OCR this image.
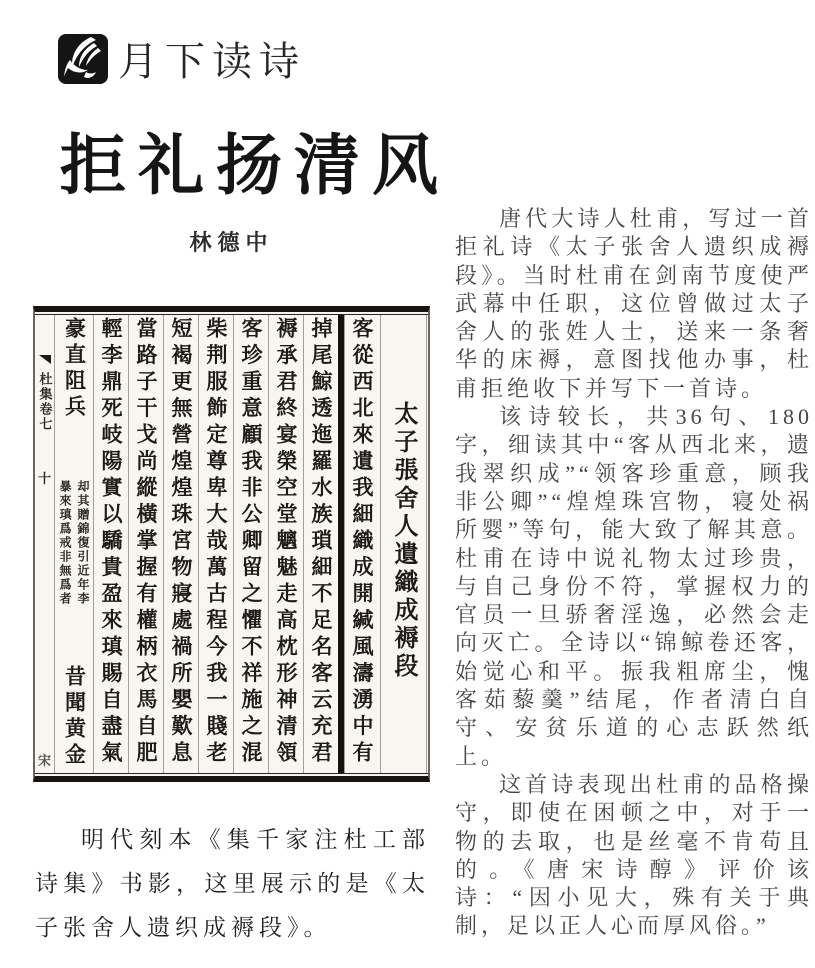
月下读诗
拒礼扬清风
林德中
杜集卷七
十
宋
豪直阻兵
却其贈錦復引近年李
暴來瑱爲戒非無爲者
昔聞黄金 輕李鼎死岐陽實以驕貴盈來瑱賜自盡氣 當路子干戈尚縱橫掌握有權柄衣馬自肥 短褐更無營煌煌珠宮物寢處禍所嬰歎息 柴荆服飾定尊卑大哉萬古程今我一賤老 客珍重意顧我非公卿留之懼不祥施之混 褥承君終宴榮空堂魑魅走高枕形神清領 掉尾鯨透迤羅水族瑣細不足名客云充君 客從西北來遺我細織成開緘風濤湧中有 太子張舍人遺織成褥段
明代刻本《集千家注杜工部诗集》书影，这里展示的是《太子张舍人遗织成褥段》。

唐代大诗人杜甫，写过一首拒礼诗《太子张舍人遗织成褥段》。当时杜甫在剑南节度使严武幕中任职，这位曾做过太子舍人的张姓人士，送来一条奢华的床褥，意图找他办事，杜甫拒绝收下并写下一首诗。

该诗较长，共36句、180字，细读其中“客从西北来，遗我翠织成”“领客珍重意，顾我非公卿”“煌煌珠宫物，寝处祸所婴”等句，能大致了解其意。杜甫在诗中说礼物太过珍贵，与自己身份不符，掌握权力的官员一旦骄奢淫逸，必然会走向灭亡。全诗以“锦鲸卷还客，始觉心和平。振我粗席尘，愧客茹藜羹”结尾，作者清白自守、安贫乐道的心志跃然纸上。

这首诗表现出杜甫的品格操守，即使在困顿之中，对于一物的去取，也是丝毫不肯苟且的。《唐宋诗醇》评价该诗：“因小见大，殊有关于典制，足以正人心而厚风俗。”
